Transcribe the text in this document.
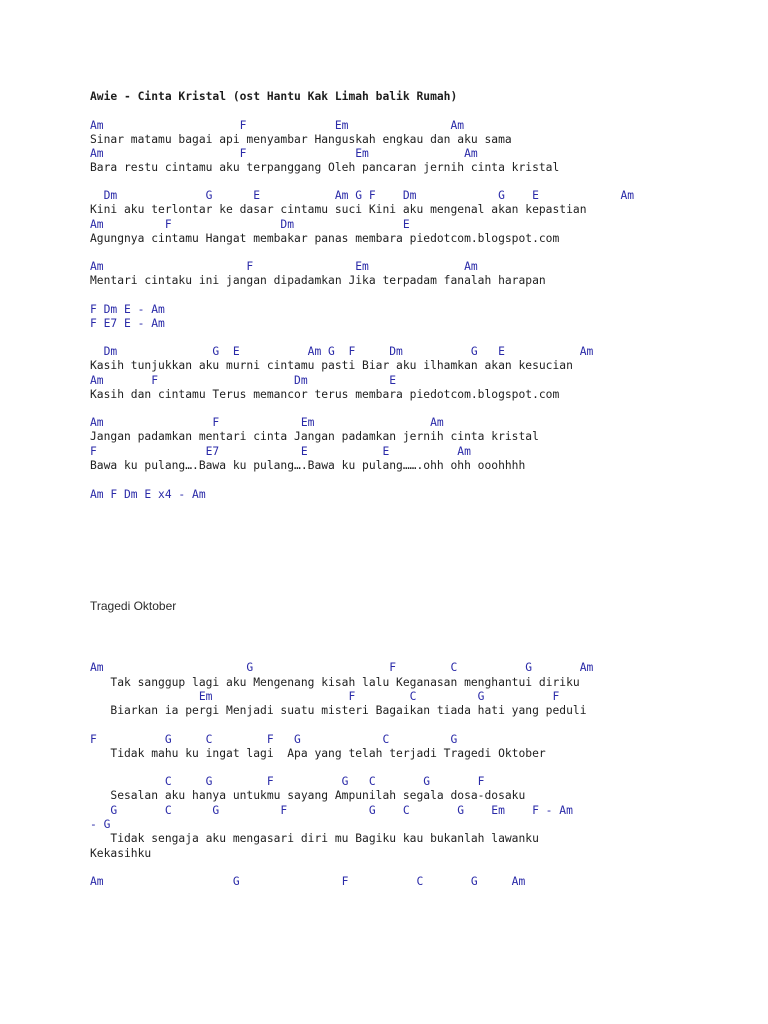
Awie - Cinta Kristal (ost Hantu Kak Limah balik Rumah)

Am                    F             Em               Am

Sinar matamu bagai api menyambar Hanguskah engkau dan aku sama

Am                    F                Em              Am

Bara restu cintamu aku terpanggang Oleh pancaran jernih cinta kristal

Dm             G      E           Am G F    Dm            G    E            Am

Kini aku terlontar ke dasar cintamu suci Kini aku mengenal akan kepastian

Am         F                Dm                E

Agungnya cintamu Hangat membakar panas membara piedotcom.blogspot.com

Am                     F               Em              Am

Mentari cintaku ini jangan dipadamkan Jika terpadam fanalah harapan

F Dm E - Am

F E7 E - Am

Dm              G  E          Am G  F     Dm          G   E           Am

Kasih tunjukkan aku murni cintamu pasti Biar aku ilhamkan akan kesucian

Am       F                    Dm            E

Kasih dan cintamu Terus memancor terus membara piedotcom.blogspot.com

Am                F            Em                 Am

Jangan padamkan mentari cinta Jangan padamkan jernih cinta kristal

F                E7            E           E          Am

Bawa ku pulang….Bawa ku pulang….Bawa ku pulang…….ohh ohh ooohhhh

Am F Dm E x4 - Am

Tragedi Oktober

Am                     G                    F        C          G       Am

Tak sanggup lagi aku Mengenang kisah lalu Keganasan menghantui diriku

Em                    F        C         G          F

Biarkan ia pergi Menjadi suatu misteri Bagaikan tiada hati yang peduli

F          G     C        F   G            C         G

Tidak mahu ku ingat lagi  Apa yang telah terjadi Tragedi Oktober

C     G        F          G   C       G       F

Sesalan aku hanya untukmu sayang Ampunilah segala dosa-dosaku

G       C      G         F            G    C       G    Em    F - Am

- G

Tidak sengaja aku mengasari diri mu Bagiku kau bukanlah lawanku

Kekasihku

Am                   G               F          C       G     Am
